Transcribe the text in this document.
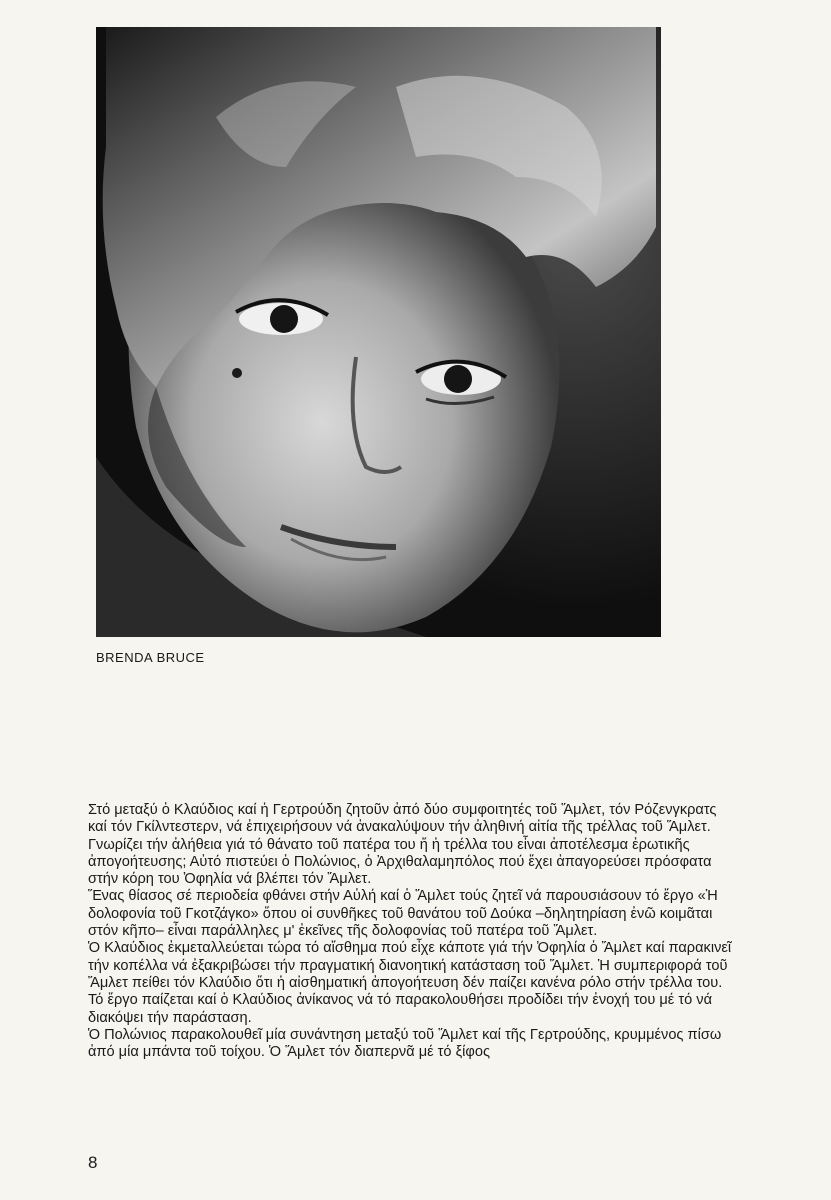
BRENDA BRUCE

Στό μεταξύ ὁ Κλαύδιος καί ἡ Γερτρούδη ζητοῦν ἀπό δύο συμφοιτητές τοῦ Ἅμλετ, τόν Ρόζενγκρατς καί τόν Γκίλντεστερν, νά ἐπιχειρήσουν νά ἀνακαλύψουν τήν ἀληθινή αἰτία τῆς τρέλλας τοῦ Ἅμλετ. Γνωρίζει τήν ἀλήθεια γιά τό θάνατο τοῦ πατέρα του ἤ ἡ τρέλλα του εἶναι ἀποτέλεσμα ἐρωτικῆς ἀπογοήτευσης; Αὐτό πιστεύει ὁ Πολώνιος, ὁ Ἀρχιθαλαμηπόλος πού ἔχει ἀπαγορεύσει πρόσφατα στήν κόρη του Ὀφηλία νά βλέπει τόν Ἅμλετ.

Ἕνας θίασος σέ περιοδεία φθάνει στήν Αὐλή καί ὁ Ἅμλετ τούς ζητεῖ νά παρουσιάσουν τό ἔργο «Ἡ δολοφονία τοῦ Γκοτζάγκο» ὅπου οἱ συνθῆκες τοῦ θανάτου τοῦ Δούκα –δηλητηρίαση ἐνῶ κοιμᾶται στόν κῆπο– εἶναι παράλληλες μ' ἐκεῖνες τῆς δολοφονίας τοῦ πατέρα τοῦ Ἅμλετ.

Ὁ Κλαύδιος ἐκμεταλλεύεται τώρα τό αἴσθημα πού εἶχε κάποτε γιά τήν Ὀφηλία ὁ Ἅμλετ καί παρακινεῖ τήν κοπέλλα νά ἐξακριβώσει τήν πραγματική διανοητική κατάσταση τοῦ Ἅμλετ. Ἡ συμπεριφορά τοῦ Ἅμλετ πείθει τόν Κλαύδιο ὅτι ἡ αἰσθηματική ἀπογοήτευση δέν παίζει κανένα ρόλο στήν τρέλλα του. Τό ἔργο παίζεται καί ὁ Κλαύδιος ἀνίκανος νά τό παρακολουθήσει προδίδει τήν ἐνοχή του μέ τό νά διακόψει τήν παράσταση.

Ὁ Πολώνιος παρακολουθεῖ μία συνάντηση μεταξύ τοῦ Ἅμλετ καί τῆς Γερτρούδης, κρυμμένος πίσω ἀπό μία μπάντα τοῦ τοίχου. Ὁ Ἅμλετ τόν διαπερνᾶ μέ τό ξίφος

8
